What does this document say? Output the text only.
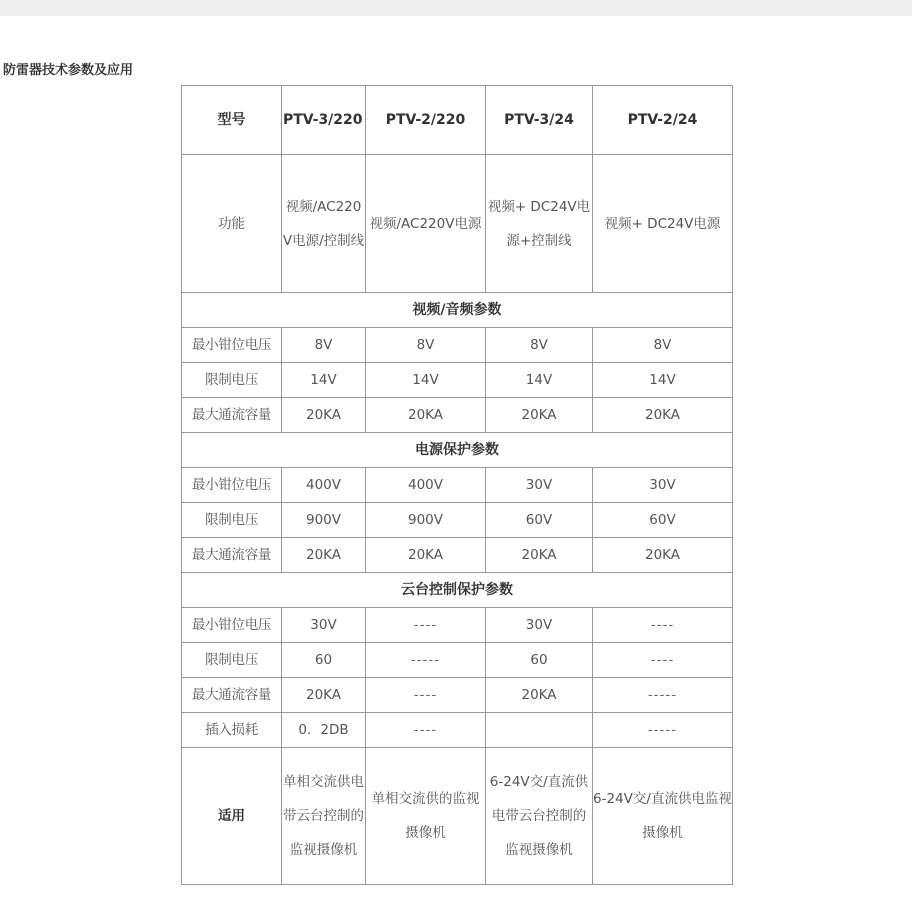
防雷器技术参数及应用
型号	PTV-3/220	PTV-2/220	PTV-3/24	PTV-2/24
功能	视频/AC220V电源/控制线	视频/AC220V电源	视频+ DC24V电源+控制线	视频+ DC24V电源
视频/音频参数				
最小钳位电压	8V	8V	8V	8V
限制电压	14V	14V	14V	14V
最大通流容量	20KA	20KA	20KA	20KA
电源保护参数				
最小钳位电压	400V	400V	30V	30V
限制电压	900V	900V	60V	60V
最大通流容量	20KA	20KA	20KA	20KA
云台控制保护参数				
最小钳位电压	30V	----	30V	----
限制电压	60	-----	60	----
最大通流容量	20KA	----	20KA	-----
插入损耗	0．2DB	----		-----
适用	单相交流供电带云台控制的监视摄像机	单相交流供的监视摄像机	6-24V交/直流供电带云台控制的监视摄像机	6-24V交/直流供电监视摄像机
